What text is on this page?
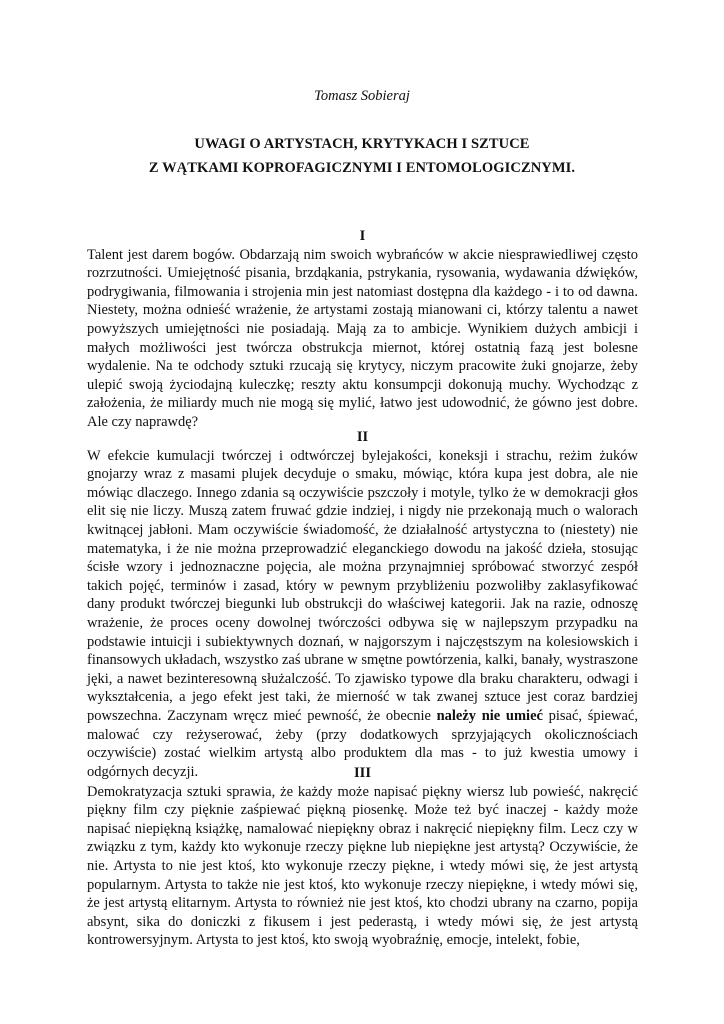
Tomasz Sobieraj
UWAGI O ARTYSTACH, KRYTYKACH I SZTUCE
Z WĄTKAMI KOPROFAGICZNYMI I ENTOMOLOGICZNYMI.
I

Talent jest darem bogów. Obdarzają nim swoich wybrańców w akcie niesprawiedliwej często rozrzutności. Umiejętność pisania, brzdąkania, pstrykania, rysowania, wydawania dźwięków, podrygiwania, filmowania i strojenia min jest natomiast dostępna dla każdego - i to od dawna. Niestety, można odnieść wrażenie, że artystami zostają mianowani ci, którzy talentu a nawet powyższych umiejętności nie posiadają. Mają za to ambicje. Wynikiem dużych ambicji i małych możliwości jest twórcza obstrukcja miernot, której ostatnią fazą jest bolesne wydalenie. Na te odchody sztuki rzucają się krytycy, niczym pracowite żuki gnojarze, żeby ulepić swoją życiodajną kuleczkę; reszty aktu konsumpcji dokonują muchy. Wychodząc z założenia, że miliardy much nie mogą się mylić, łatwo jest udowodnić, że gówno jest dobre. Ale czy naprawdę?

II

W efekcie kumulacji twórczej i odtwórczej bylejakości, koneksji i strachu, reżim żuków gnojarzy wraz z masami plujek decyduje o smaku, mówiąc, która kupa jest dobra, ale nie mówiąc dlaczego. Innego zdania są oczywiście pszczoły i motyle, tylko że w demokracji głos elit się nie liczy. Muszą zatem fruwać gdzie indziej, i nigdy nie przekonają much o walorach kwitnącej jabłoni. Mam oczywiście świadomość, że działalność artystyczna to (niestety) nie matematyka, i że nie można przeprowadzić eleganckiego dowodu na jakość dzieła, stosując ścisłe wzory i jednoznaczne pojęcia, ale można przynajmniej spróbować stworzyć zespół takich pojęć, terminów i zasad, który w pewnym przybliżeniu pozwoliłby zaklasyfikować dany produkt twórczej biegunki lub obstrukcji do właściwej kategorii. Jak na razie, odnoszę wrażenie, że proces oceny dowolnej twórczości odbywa się w najlepszym przypadku na podstawie intuicji i subiektywnych doznań, w najgorszym i najczęstszym na kolesiowskich i finansowych układach, wszystko zaś ubrane w smętne powtórzenia, kalki, banały, wystraszone jęki, a nawet bezinteresowną służalczość. To zjawisko typowe dla braku charakteru, odwagi i wykształcenia, a jego efekt jest taki, że mierność w tak zwanej sztuce jest coraz bardziej powszechna. Zaczynam wręcz mieć pewność, że obecnie należy nie umieć pisać, śpiewać, malować czy reżyserować, żeby (przy dodatkowych sprzyjających okolicznościach oczywiście) zostać wielkim artystą albo produktem dla mas - to już kwestia umowy i odgórnych decyzji.	III

Demokratyzacja sztuki sprawia, że każdy może napisać piękny wiersz lub powieść, nakręcić piękny film czy pięknie zaśpiewać piękną piosenkę. Może też być inaczej - każdy może napisać niepiękną książkę, namalować niepiękny obraz i nakręcić niepiękny film. Lecz czy w związku z tym, każdy kto wykonuje rzeczy piękne lub niepiękne jest artystą? Oczywiście, że nie. Artysta to nie jest ktoś, kto wykonuje rzeczy piękne, i wtedy mówi się, że jest artystą popularnym. Artysta to także nie jest ktoś, kto wykonuje rzeczy niepiękne, i wtedy mówi się, że jest artystą elitarnym. Artysta to również nie jest ktoś, kto chodzi ubrany na czarno, popija absynt, sika do doniczki z fikusem i jest pederastą, i wtedy mówi się, że jest artystą kontrowersyjnym. Artysta to jest ktoś, kto swoją wyobraźnię, emocje, intelekt, fobie,
